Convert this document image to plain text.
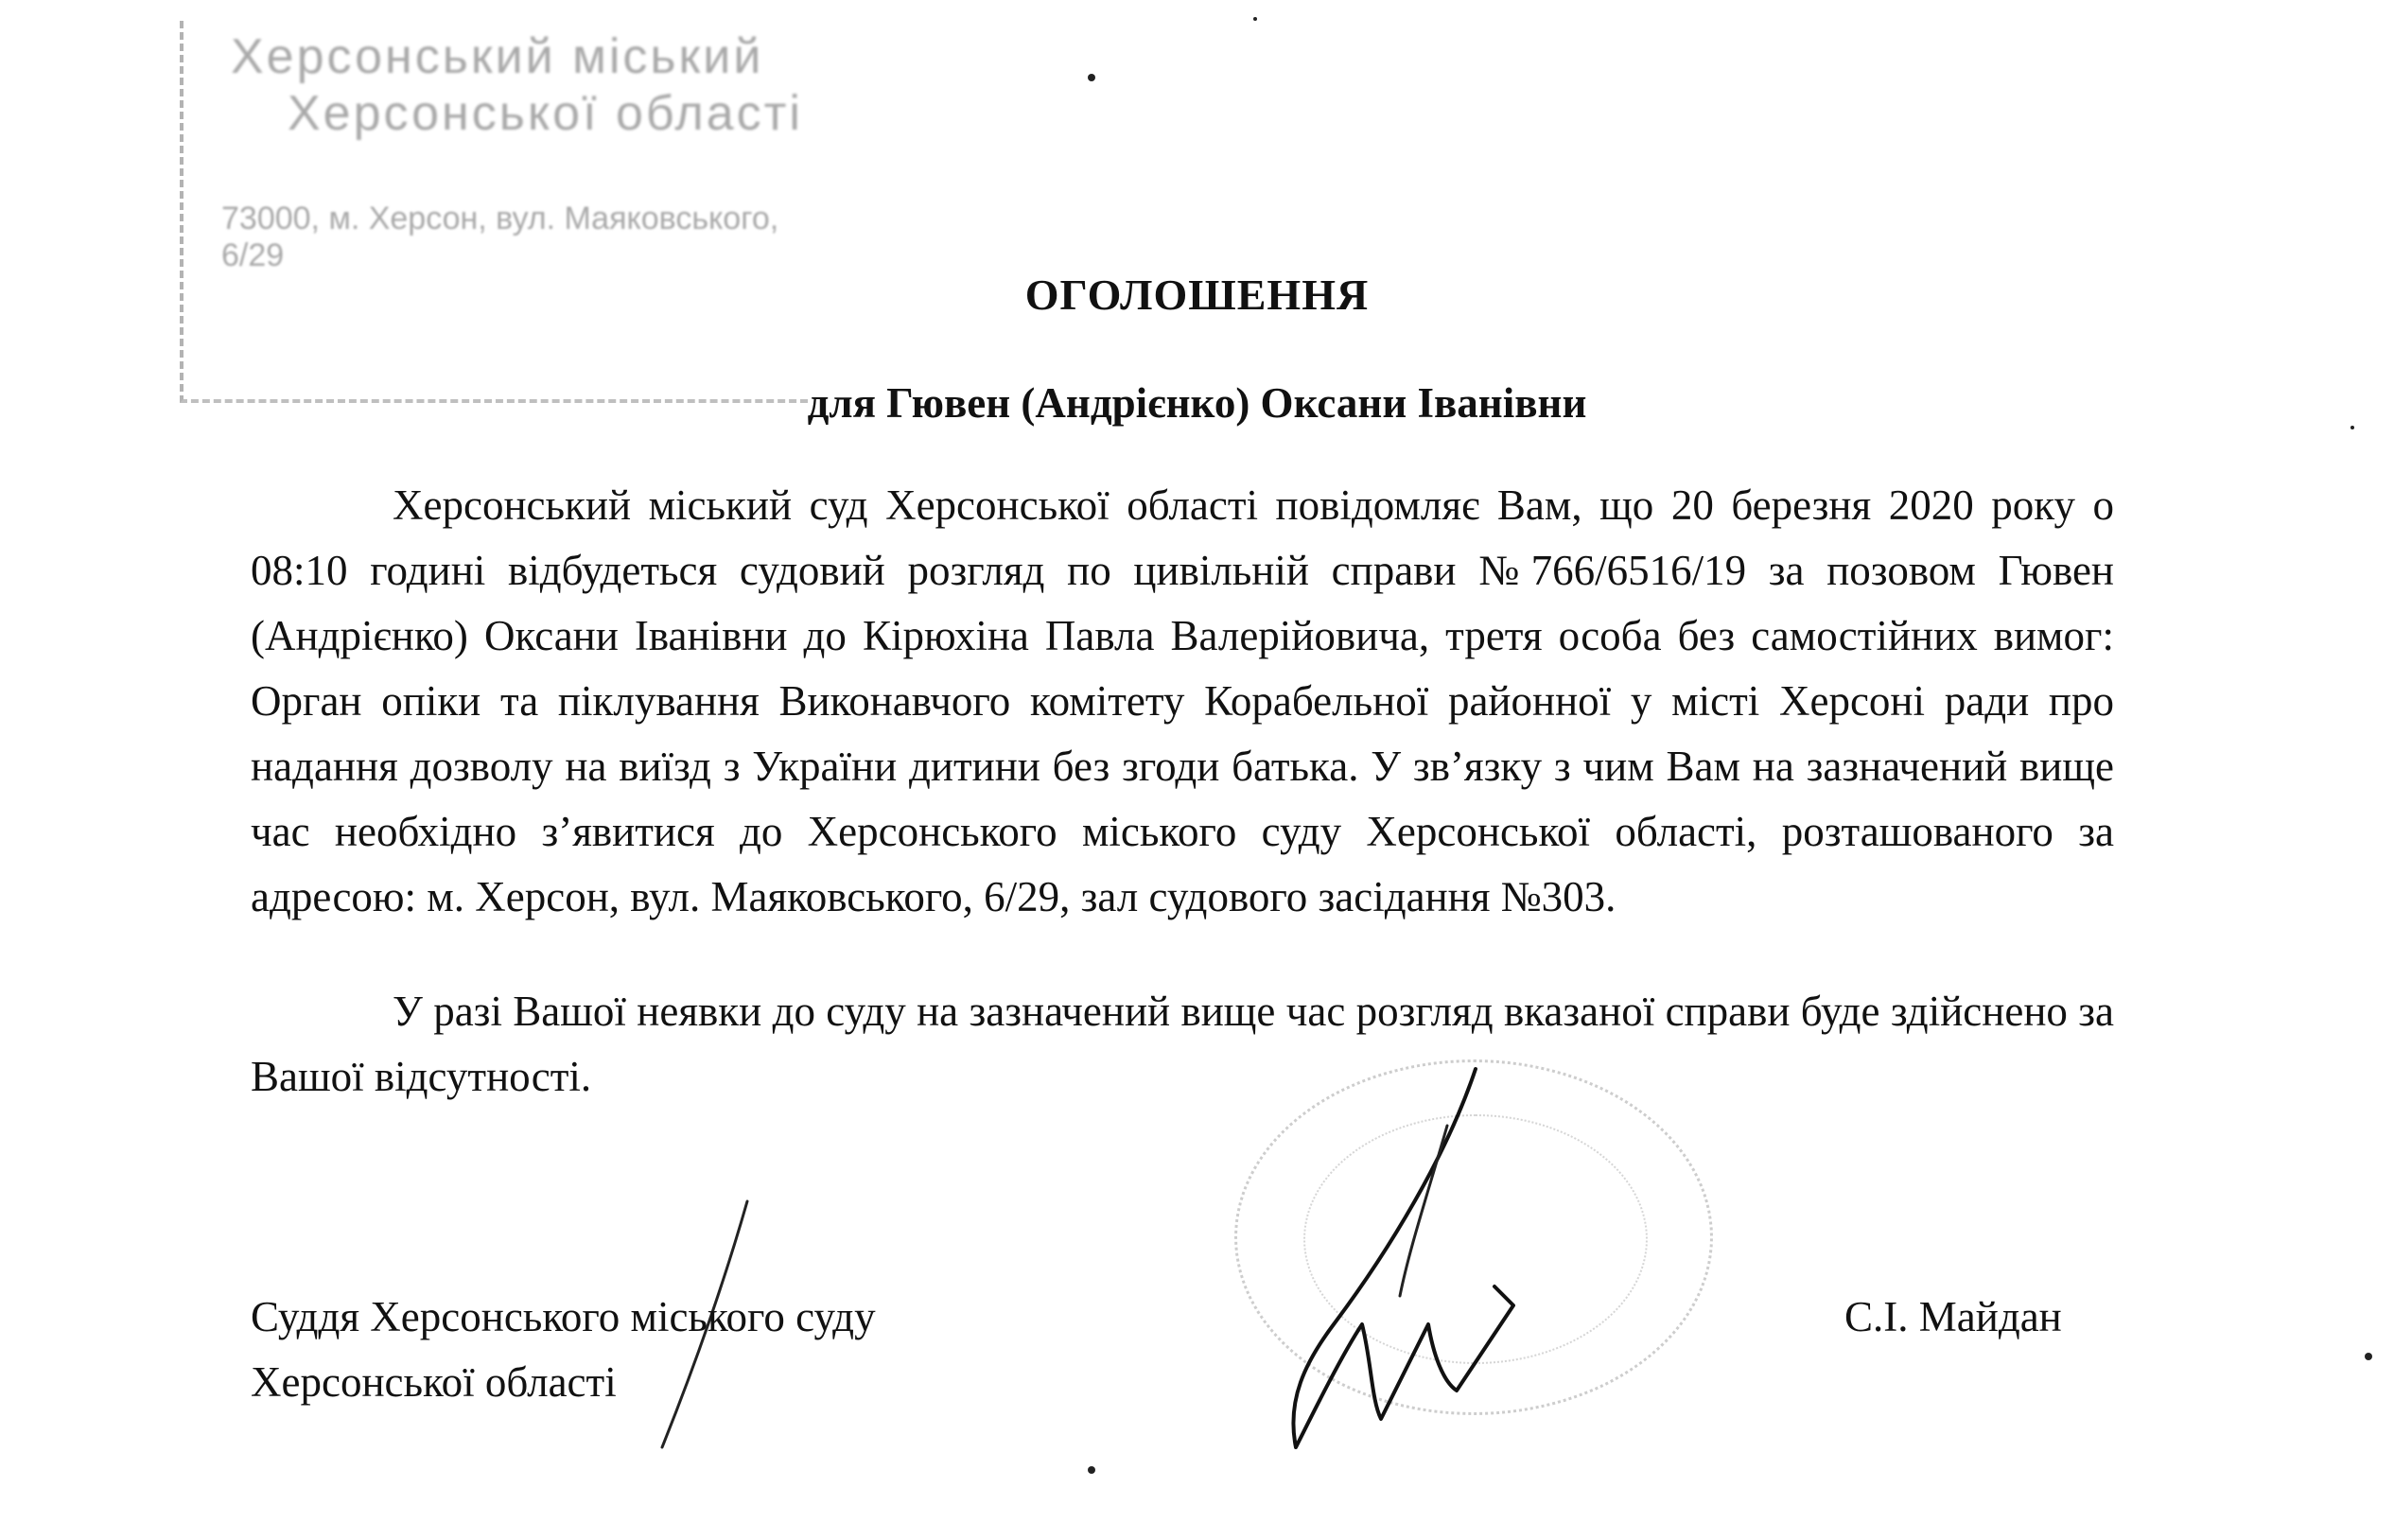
Херсонський міський
Херсонської області
73000, м. Херсон, вул. Маяковського, 6/29
ОГОЛОШЕННЯ
для Гювен (Андрієнко) Оксани Іванівни

Херсонський міський суд Херсонської області повідомляє Вам, що 20 березня 2020 року о 08:10 годині відбудеться судовий розгляд по цивільній справи №766/6516/19 за позовом Гювен (Андрієнко) Оксани Іванівни до Кірюхіна Павла Валерійовича, третя особа без самостійних вимог: Орган опіки та піклування Виконавчого комітету Корабельної районної у місті Херсоні ради про надання дозволу на виїзд з України дитини без згоди батька. У зв’язку з чим Вам на зазначений вище час необхідно з’явитися до Херсонського міського суду Херсонської області, розташованого за адресою: м. Херсон, вул. Маяковського, 6/29, зал судового засідання №303.

У разі Вашої неявки до суду на зазначений вище час розгляд вказаної справи буде здійснено за Вашої відсутності.

Суддя Херсонського міського суду
Херсонської області
С.І. Майдан
